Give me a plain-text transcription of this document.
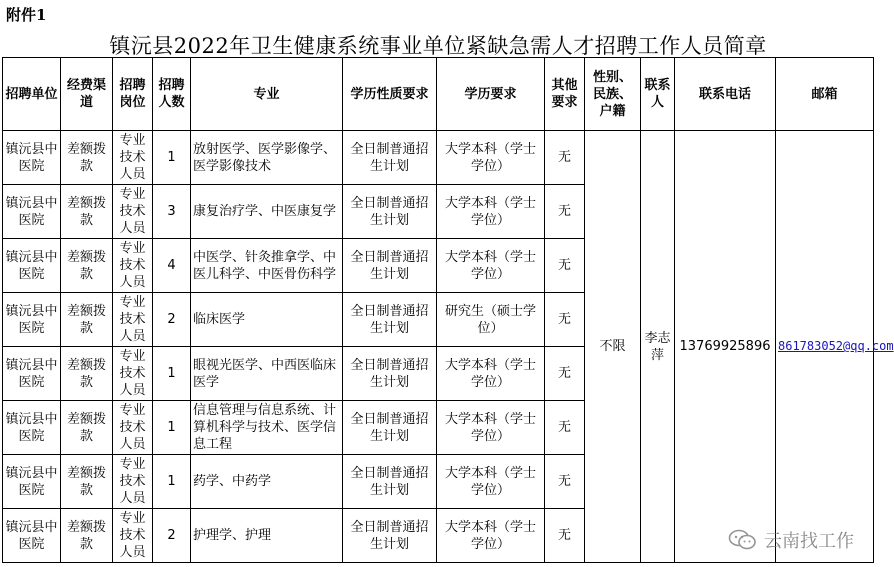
附件1
镇沅县2022年卫生健康系统事业单位紧缺急需人才招聘工作人员简章
招聘单位	经费渠道	招聘岗位	招聘人数	专业	学历性质要求	学历要求	其他要求	性别、民族、户籍	联系人	联系电话	邮箱
镇沅县中医院	差额拨款	专业技术人员	1	放射医学、医学影像学、医学影像技术	全日制普通招生计划	大学本科（学士学位）	无	不限	李志萍	13769925896	861783052@qq.com
镇沅县中医院	差额拨款	专业技术人员	3	康复治疗学、中医康复学	全日制普通招生计划	大学本科（学士学位）	无				
镇沅县中医院	差额拨款	专业技术人员	4	中医学、针灸推拿学、中医儿科学、中医骨伤科学	全日制普通招生计划	大学本科（学士学位）	无				
镇沅县中医院	差额拨款	专业技术人员	2	临床医学	全日制普通招生计划	研究生（硕士学位）	无				
镇沅县中医院	差额拨款	专业技术人员	1	眼视光医学、中西医临床医学	全日制普通招生计划	大学本科（学士学位）	无				
镇沅县中医院	差额拨款	专业技术人员	1	信息管理与信息系统、计算机科学与技术、医学信息工程	全日制普通招生计划	大学本科（学士学位）	无				
镇沅县中医院	差额拨款	专业技术人员	1	药学、中药学	全日制普通招生计划	大学本科（学士学位）	无				
镇沅县中医院	差额拨款	专业技术人员	2	护理学、护理	全日制普通招生计划	大学本科（学士学位）	无					云南找工作
